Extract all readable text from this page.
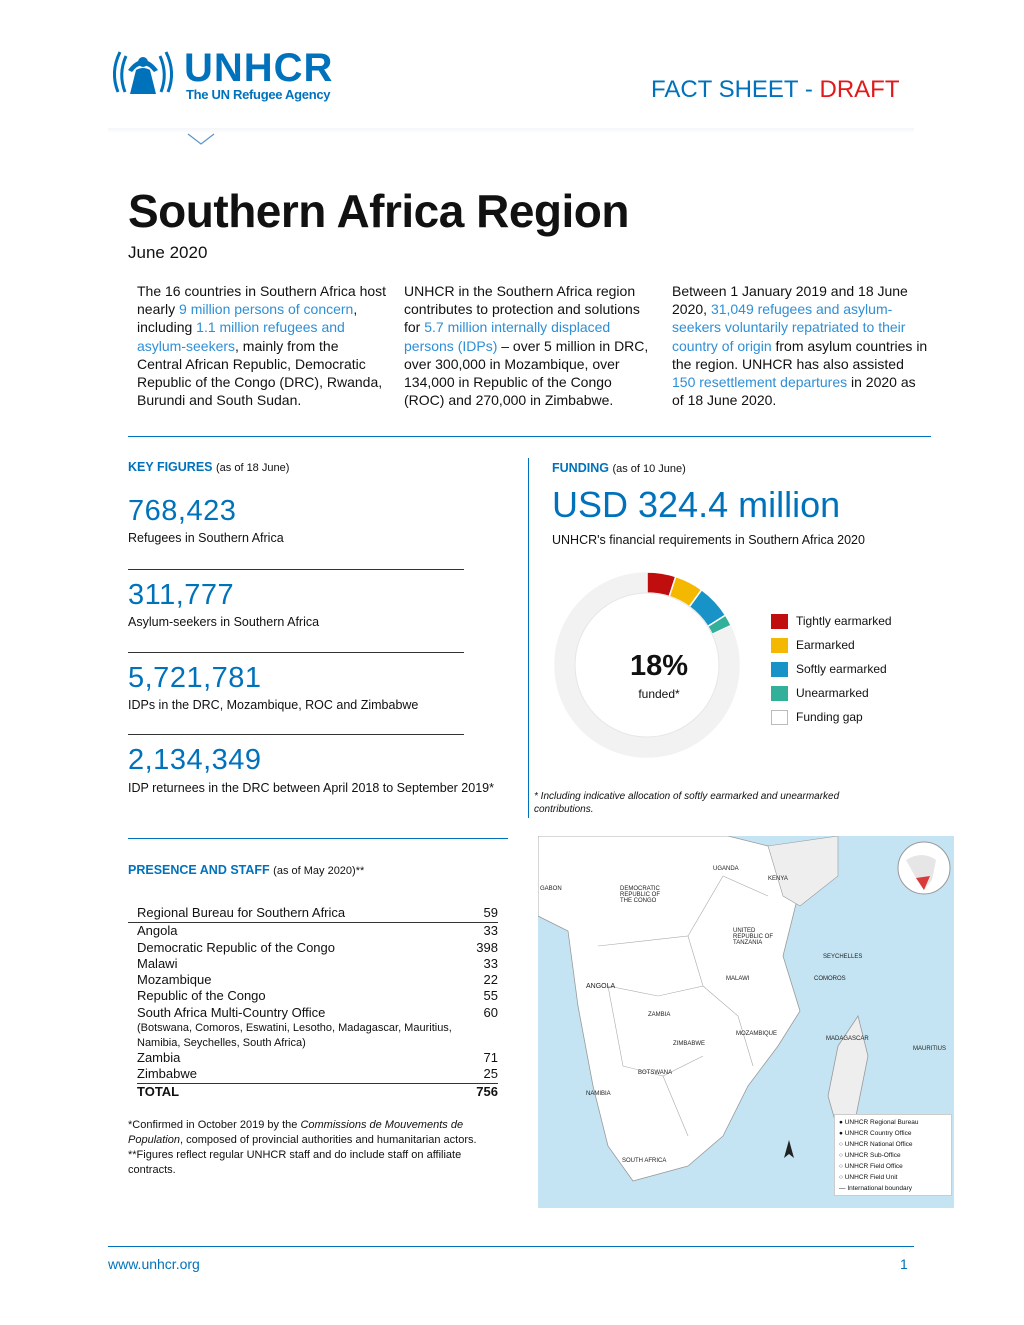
UNHCR
The UN Refugee Agency	FACT SHEET - DRAFT
Southern Africa Region
June 2020

The 16 countries in Southern Africa host nearly 9 million persons of concern, including 1.1 million refugees and asylum-seekers, mainly from the Central African Republic, Democratic Republic of the Congo (DRC), Rwanda, Burundi and South Sudan.

UNHCR in the Southern Africa region contributes to protection and solutions for 5.7 million internally displaced persons (IDPs) – over 5 million in DRC, over 300,000 in Mozambique, over 134,000 in Republic of the Congo (ROC) and 270,000 in Zimbabwe.

Between 1 January 2019 and 18 June 2020, 31,049 refugees and asylum-seekers voluntarily repatriated to their country of origin from asylum countries in the region. UNHCR has also assisted 150 resettlement departures in 2020 as of 18 June 2020.

KEY FIGURES (as of 18 June)
768,423
Refugees in Southern Africa
311,777
Asylum-seekers in Southern Africa
5,721,781
IDPs in the DRC, Mozambique, ROC and Zimbabwe
2,134,349
IDP returnees in the DRC between April 2018 to September 2019*
FUNDING (as of 10 June)
USD 324.4 million
UNHCR's financial requirements in Southern Africa 2020
18%
funded*
Tightly earmarked
Earmarked
Softly earmarked
Unearmarked
Funding gap
* Including indicative allocation of softly earmarked and unearmarked contributions.
PRESENCE AND STAFF (as of May 2020)**
Regional Bureau for Southern Africa	59
Angola	33
Democratic Republic of the Congo	398
Malawi	33
Mozambique	22
Republic of the Congo	55
South Africa Multi-Country Office	60
(Botswana, Comoros, Eswatini, Lesotho, Madagascar, Mauritius, Namibia, Seychelles, South Africa)
Zambia	71
Zimbabwe	25
TOTAL	756
*Confirmed in October 2019 by the Commissions de Mouvements de Population, composed of provincial authorities and humanitarian actors.
**Figures reflect regular UNHCR staff and do include staff on affiliate contracts.
ANGOLA
ZAMBIA
BOTSWANA
NAMIBIA
SOUTH AFRICA
MADAGASCAR
KENYA
SEYCHELLES
COMOROS
MAURITIUS
DEMOCRATIC REPUBLIC OF THE CONGO
UNITED REPUBLIC OF TANZANIA
MALAWI
MOZAMBIQUE
ZIMBABWE
UGANDA
GABON
● UNHCR Regional Bureau
● UNHCR Country Office
○ UNHCR National Office
○ UNHCR Sub-Office
○ UNHCR Field Office
○ UNHCR Field Unit
— International boundary
www.unhcr.org	1
